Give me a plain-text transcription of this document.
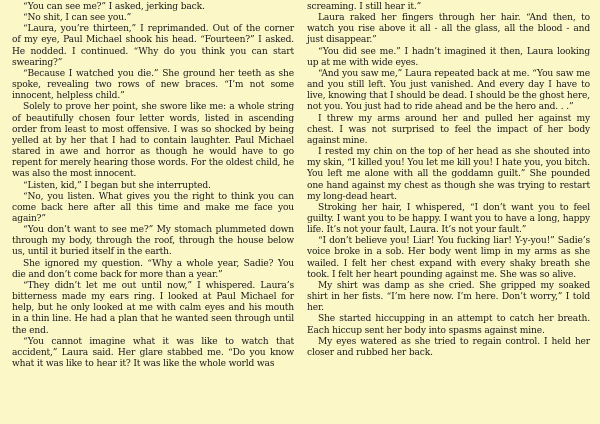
“You can see me?” I asked, jerking back.

“No shit, I can see you.”

“Laura, you’re thirteen,” I reprimanded. Out of the corner of my eye, Paul Michael shook his head. “Fourteen?” I asked. He nodded. I continued. “Why do you think you can start swearing?”

“Because I watched you die.” She ground her teeth as she spoke, revealing two rows of new braces. “I’m not some innocent, helpless child.”

Solely to prove her point, she swore like me: a whole string of beautifully chosen four letter words, listed in ascending order from least to most offensive. I was so shocked by being yelled at by her that I had to contain laughter. Paul Michael stared in awe and horror as though he would have to go repent for merely hearing those words. For the oldest child, he was also the most innocent.

“Listen, kid,” I began but she interrupted.

“No, you listen. What gives you the right to think you can come back here after all this time and make me face you again?”

“You don’t want to see me?” My stomach plummeted down through my body, through the roof, through the house below us, until it buried itself in the earth.

She ignored my question. “Why a whole year, Sadie? You die and don’t come back for more than a year.”

“They didn’t let me out until now,” I whispered. Laura’s bitterness made my ears ring. I looked at Paul Michael for help, but he only looked at me with calm eyes and his mouth in a thin line. He had a plan that he wanted seen through until the end.

“You cannot imagine what it was like to watch that accident,” Laura said. Her glare stabbed me. “Do you know what it was like to hear it? It was like the whole world was

screaming. I still hear it.”

Laura raked her fingers through her hair. “And then, to watch you rise above it all - all the glass, all the blood - and just disappear.”

“You did see me.” I hadn’t imagined it then, Laura looking up at me with wide eyes.

“And you saw me,” Laura repeated back at me. “You saw me and you still left. You just vanished. And every day I have to live, knowing that I should be dead. I should be the ghost here, not you. You just had to ride ahead and be the hero and. . .”

I threw my arms around her and pulled her against my chest. I was not surprised to feel the impact of her body against mine.

I rested my chin on the top of her head as she shouted into my skin, “I killed you! You let me kill you! I hate you, you bitch. You left me alone with all the goddamn guilt.” She pounded one hand against my chest as though she was trying to restart my long-dead heart.

Stroking her hair, I whispered, “I don’t want you to feel guilty. I want you to be happy. I want you to have a long, happy life. It’s not your fault, Laura. It’s not your fault.”

“I don’t believe you! Liar! You fucking liar! Y-y-you!” Sadie’s voice broke in a sob. Her body went limp in my arms as she wailed. I felt her chest expand with every shaky breath she took. I felt her heart pounding against me. She was so alive.

My shirt was damp as she cried. She gripped my soaked shirt in her fists. “I’m here now. I’m here. Don’t worry,” I told her.

She started hiccupping in an attempt to catch her breath. Each hiccup sent her body into spasms against mine.

My eyes watered as she tried to regain control. I held her closer and rubbed her back.
